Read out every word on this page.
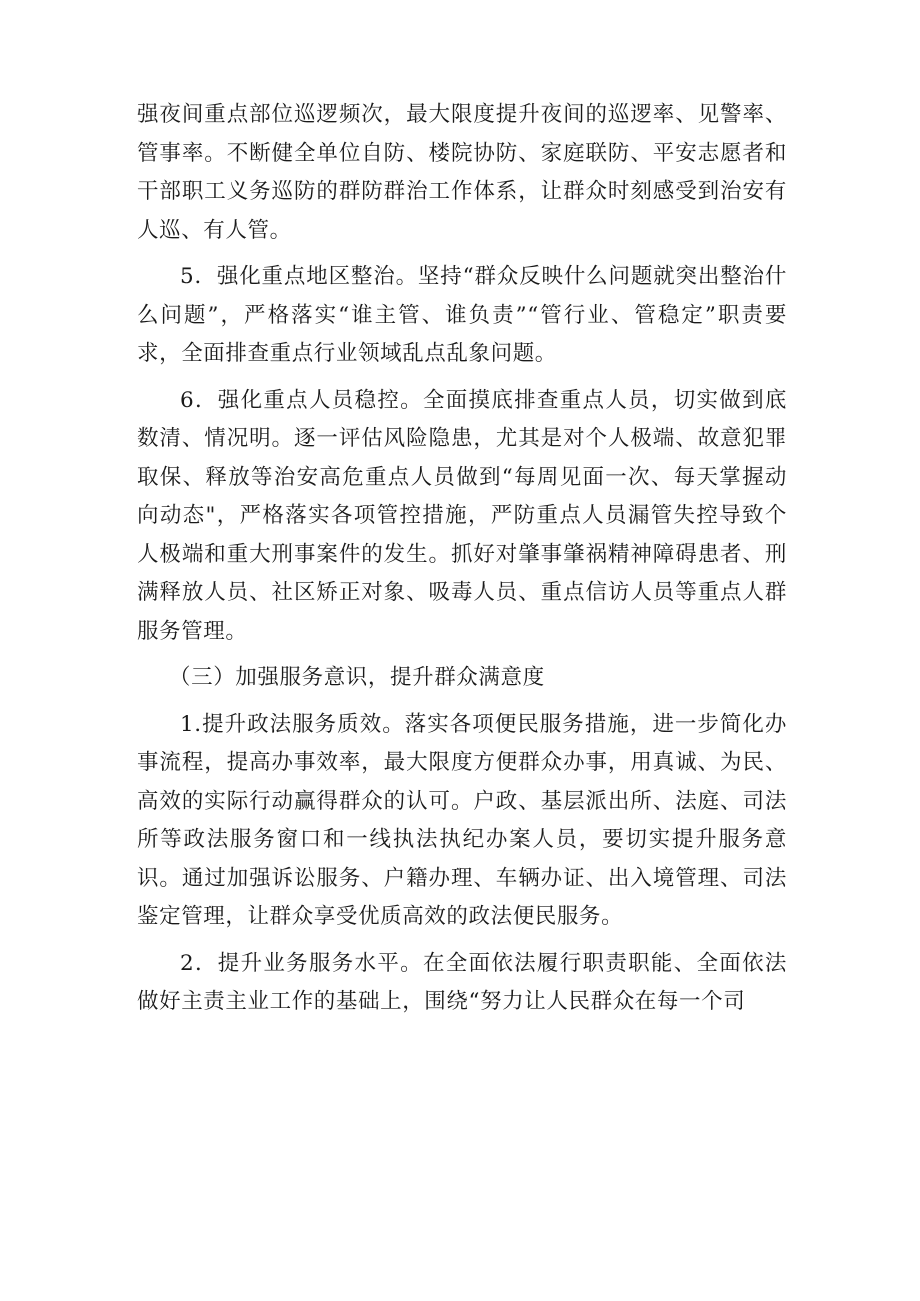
强夜间重点部位巡逻频次，最大限度提升夜间的巡逻率、见警率、管事率。不断健全单位自防、楼院协防、家庭联防、平安志愿者和干部职工义务巡防的群防群治工作体系，让群众时刻感受到治安有人巡、有人管。

5．强化重点地区整治。坚持“群众反映什么问题就突出整治什么问题”，严格落实“谁主管、谁负责”“管行业、管稳定”职责要求，全面排查重点行业领域乱点乱象问题。

6．强化重点人员稳控。全面摸底排查重点人员，切实做到底数清、情况明。逐一评估风险隐患，尤其是对个人极端、故意犯罪取保、释放等治安高危重点人员做到“每周见面一次、每天掌握动向动态"，严格落实各项管控措施，严防重点人员漏管失控导致个人极端和重大刑事案件的发生。抓好对肇事肇祸精神障碍患者、刑满释放人员、社区矫正对象、吸毒人员、重点信访人员等重点人群服务管理。

（三）加强服务意识，提升群众满意度

1.提升政法服务质效。落实各项便民服务措施，进一步简化办事流程，提高办事效率，最大限度方便群众办事，用真诚、为民、高效的实际行动赢得群众的认可。户政、基层派出所、法庭、司法所等政法服务窗口和一线执法执纪办案人员，要切实提升服务意识。通过加强诉讼服务、户籍办理、车辆办证、出入境管理、司法鉴定管理，让群众享受优质高效的政法便民服务。

2．提升业务服务水平。在全面依法履行职责职能、全面依法做好主责主业工作的基础上，围绕“努力让人民群众在每一个司
